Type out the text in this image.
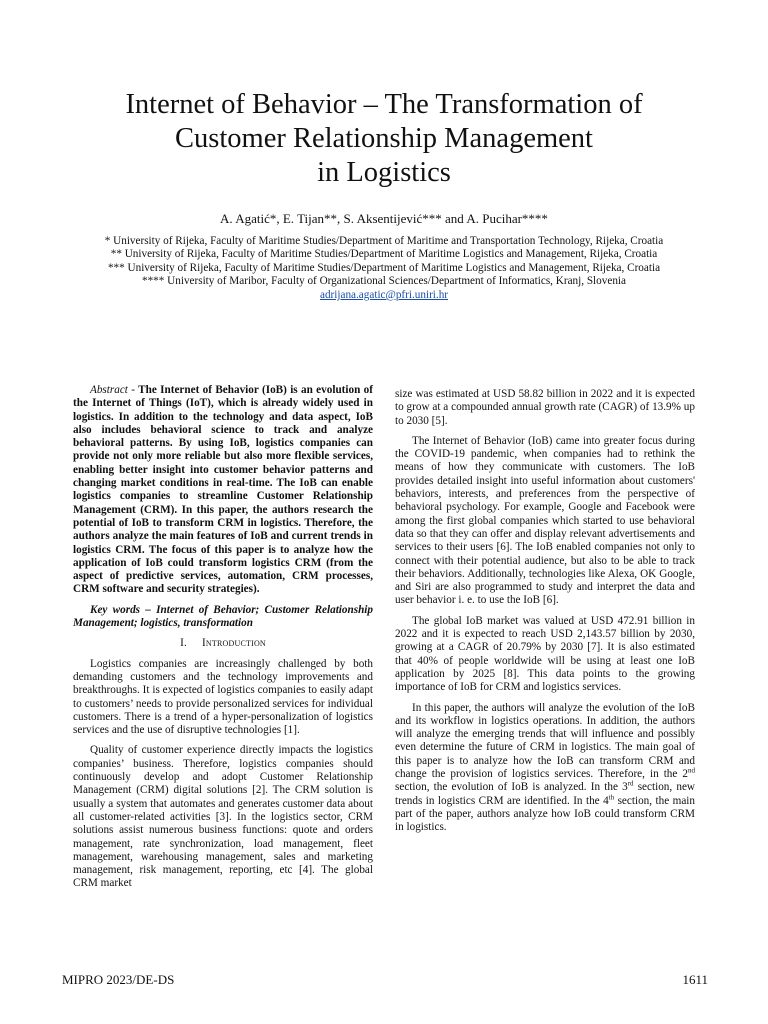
Internet of Behavior – The Transformation of
Customer Relationship Management
in Logistics
A. Agatić*, E. Tijan**, S. Aksentijević*** and A. Pucihar****

* University of Rijeka, Faculty of Maritime Studies/Department of Maritime and Transportation Technology, Rijeka, Croatia

** University of Rijeka, Faculty of Maritime Studies/Department of Maritime Logistics and Management, Rijeka, Croatia

*** University of Rijeka, Faculty of Maritime Studies/Department of Maritime Logistics and Management, Rijeka, Croatia

**** University of Maribor, Faculty of Organizational Sciences/Department of Informatics, Kranj, Slovenia

adrijana.agatic@pfri.uniri.hr

Abstract - The Internet of Behavior (IoB) is an evolution of the Internet of Things (IoT), which is already widely used in logistics. In addition to the technology and data aspect, IoB also includes behavioral science to track and analyze behavioral patterns. By using IoB, logistics companies can provide not only more reliable but also more flexible services, enabling better insight into customer behavior patterns and changing market conditions in real-time. The IoB can enable logistics companies to streamline Customer Relationship Management (CRM). In this paper, the authors research the potential of IoB to transform CRM in logistics. Therefore, the authors analyze the main features of IoB and current trends in logistics CRM. The focus of this paper is to analyze how the application of IoB could transform logistics CRM (from the aspect of predictive services, automation, CRM processes, CRM software and security strategies).

Key words – Internet of Behavior; Customer Relationship Management; logistics, transformation

I. Introduction

Logistics companies are increasingly challenged by both demanding customers and the technology improvements and breakthroughs. It is expected of logistics companies to easily adapt to customers’ needs to provide personalized services for individual customers. There is a trend of a hyper-personalization of logistics services and the use of disruptive technologies [1].

Quality of customer experience directly impacts the logistics companies’ business. Therefore, logistics companies should continuously develop and adopt Customer Relationship Management (CRM) digital solutions [2]. The CRM solution is usually a system that automates and generates customer data about all customer-related activities [3]. In the logistics sector, CRM solutions assist numerous business functions: quote and orders management, rate synchronization, load management, fleet management, warehousing management, sales and marketing management, risk management, reporting, etc [4]. The global CRM market

size was estimated at USD 58.82 billion in 2022 and it is expected to grow at a compounded annual growth rate (CAGR) of 13.9% up to 2030 [5].

The Internet of Behavior (IoB) came into greater focus during the COVID-19 pandemic, when companies had to rethink the means of how they communicate with customers. The IoB provides detailed insight into useful information about customers' behaviors, interests, and preferences from the perspective of behavioral psychology. For example, Google and Facebook were among the first global companies which started to use behavioral data so that they can offer and display relevant advertisements and services to their users [6]. The IoB enabled companies not only to connect with their potential audience, but also to be able to track their behaviors. Additionally, technologies like Alexa, OK Google, and Siri are also programmed to study and interpret the data and user behavior i. e. to use the IoB [6].

The global IoB market was valued at USD 472.91 billion in 2022 and it is expected to reach USD 2,143.57 billion by 2030, growing at a CAGR of 20.79% by 2030 [7]. It is also estimated that 40% of people worldwide will be using at least one IoB application by 2025 [8]. This data points to the growing importance of IoB for CRM and logistics services.

In this paper, the authors will analyze the evolution of the IoB and its workflow in logistics operations. In addition, the authors will analyze the emerging trends that will influence and possibly even determine the future of CRM in logistics. The main goal of this paper is to analyze how the IoB can transform CRM and change the provision of logistics services. Therefore, in the 2nd section, the evolution of IoB is analyzed. In the 3rd section, new trends in logistics CRM are identified. In the 4th section, the main part of the paper, authors analyze how IoB could transform CRM in logistics.

MIPRO 2023/DE-DS	1611
